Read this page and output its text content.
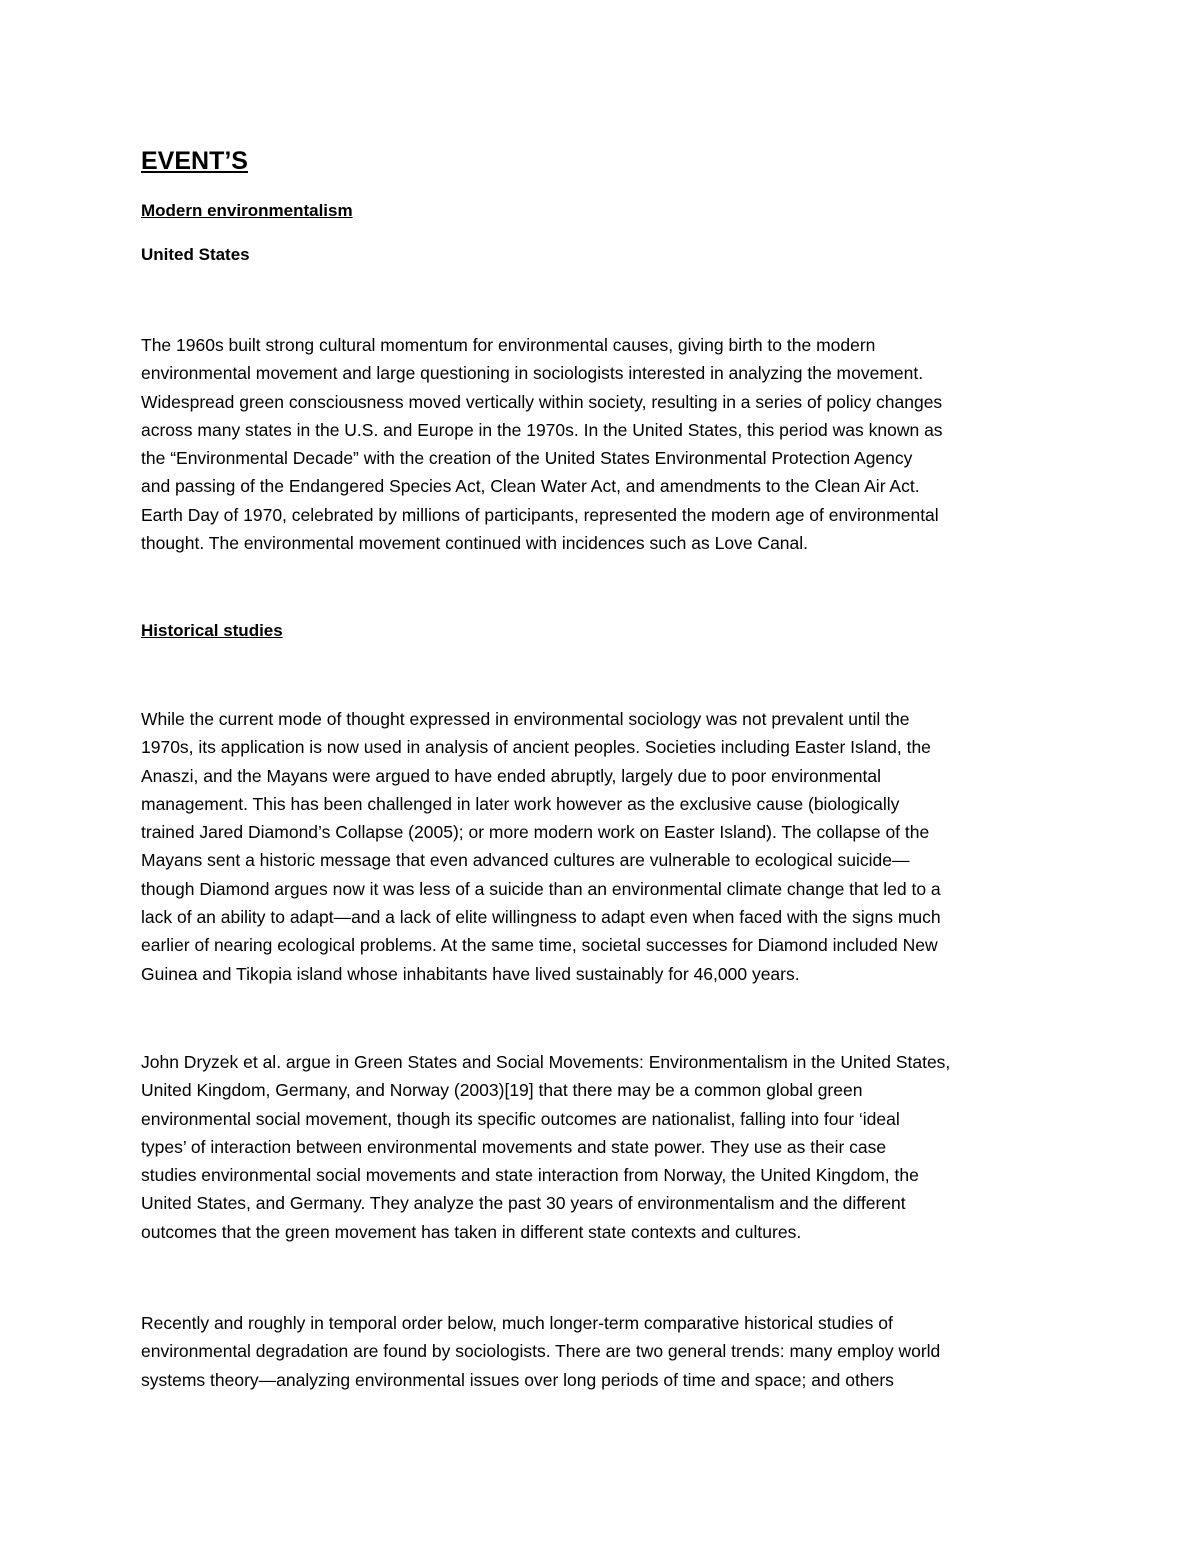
EVENT’S
Modern environmentalism
United States
The 1960s built strong cultural momentum for environmental causes, giving birth to the modern
environmental movement and large questioning in sociologists interested in analyzing the movement.
Widespread green consciousness moved vertically within society, resulting in a series of policy changes
across many states in the U.S. and Europe in the 1970s. In the United States, this period was known as
the “Environmental Decade” with the creation of the United States Environmental Protection Agency
and passing of the Endangered Species Act, Clean Water Act, and amendments to the Clean Air Act.
Earth Day of 1970, celebrated by millions of participants, represented the modern age of environmental
thought. The environmental movement continued with incidences such as Love Canal.
Historical studies
While the current mode of thought expressed in environmental sociology was not prevalent until the
1970s, its application is now used in analysis of ancient peoples. Societies including Easter Island, the
Anaszi, and the Mayans were argued to have ended abruptly, largely due to poor environmental
management. This has been challenged in later work however as the exclusive cause (biologically
trained Jared Diamond’s Collapse (2005); or more modern work on Easter Island). The collapse of the
Mayans sent a historic message that even advanced cultures are vulnerable to ecological suicide—
though Diamond argues now it was less of a suicide than an environmental climate change that led to a
lack of an ability to adapt—and a lack of elite willingness to adapt even when faced with the signs much
earlier of nearing ecological problems. At the same time, societal successes for Diamond included New
Guinea and Tikopia island whose inhabitants have lived sustainably for 46,000 years.
John Dryzek et al. argue in Green States and Social Movements: Environmentalism in the United States,
United Kingdom, Germany, and Norway (2003)[19] that there may be a common global green
environmental social movement, though its specific outcomes are nationalist, falling into four ‘ideal
types’ of interaction between environmental movements and state power. They use as their case
studies environmental social movements and state interaction from Norway, the United Kingdom, the
United States, and Germany. They analyze the past 30 years of environmentalism and the different
outcomes that the green movement has taken in different state contexts and cultures.
Recently and roughly in temporal order below, much longer-term comparative historical studies of
environmental degradation are found by sociologists. There are two general trends: many employ world
systems theory—analyzing environmental issues over long periods of time and space; and others
